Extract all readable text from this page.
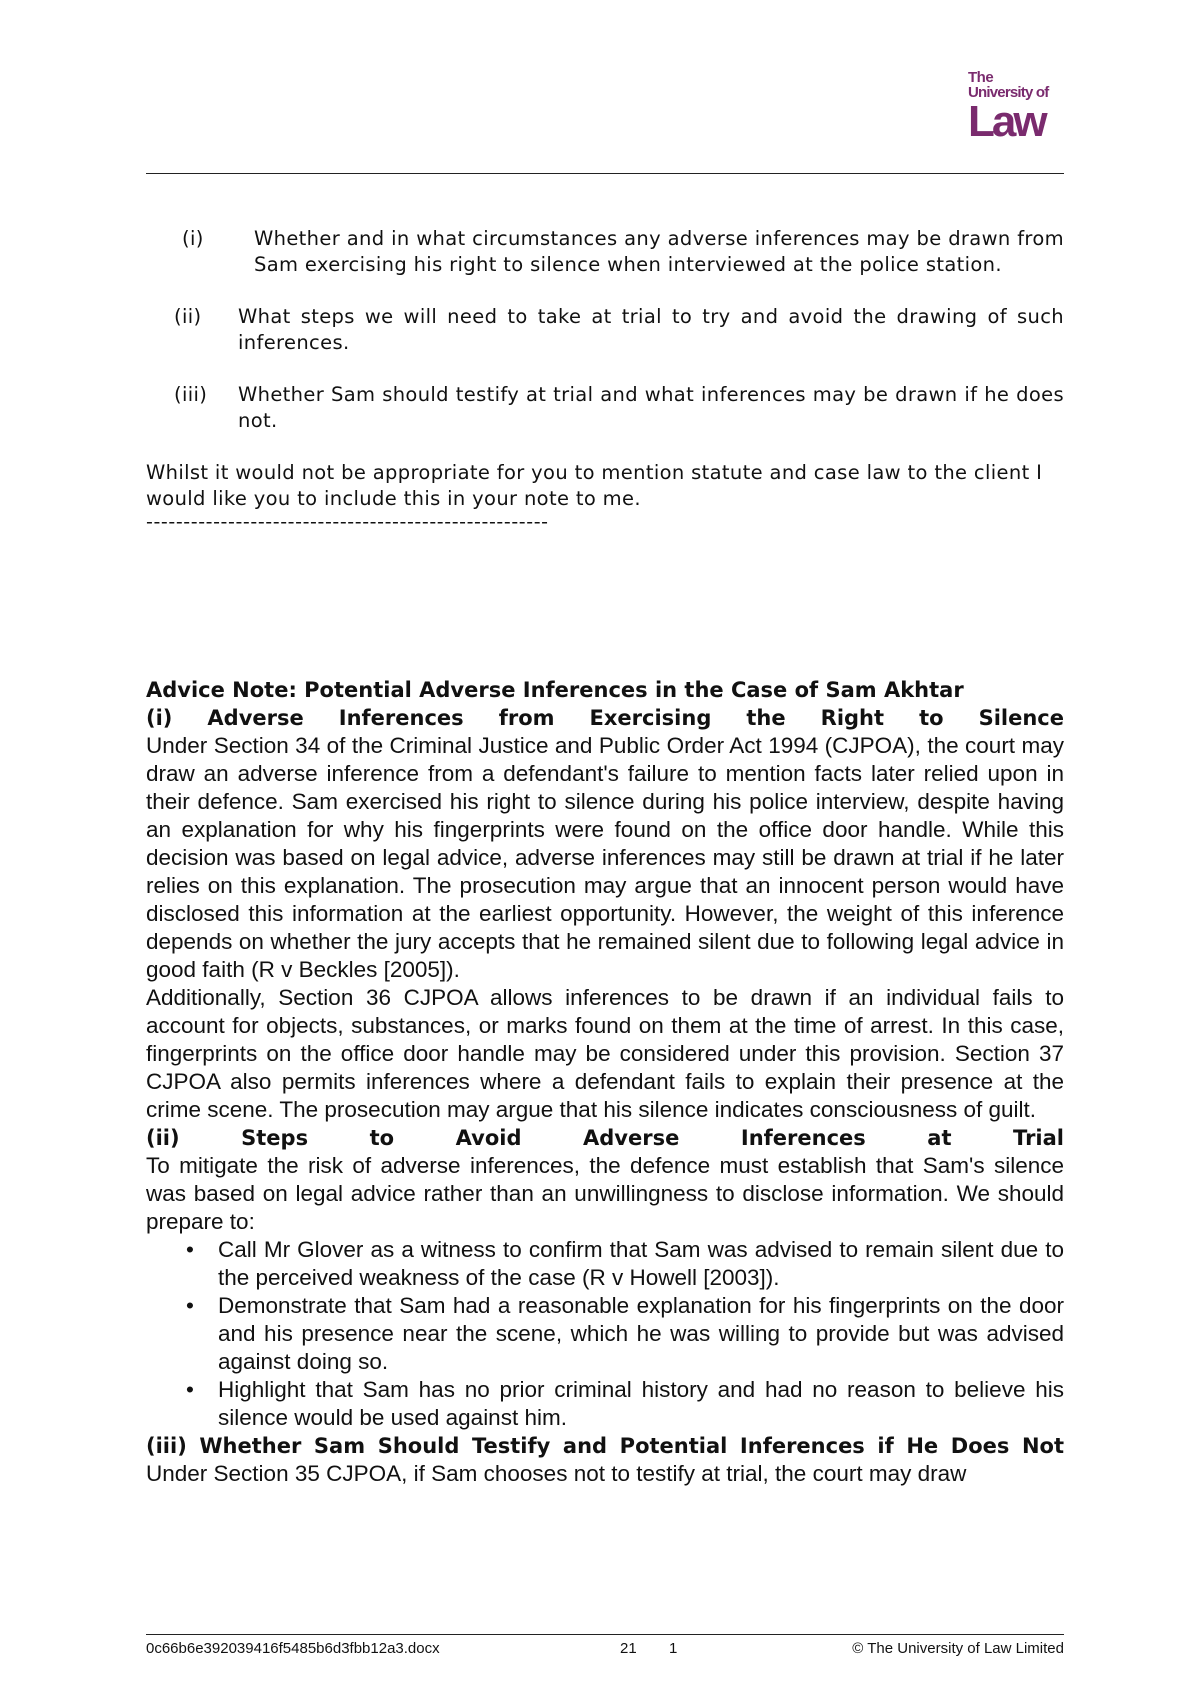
The
University of
Law
(i)	Whether and in what circumstances any adverse inferences may be drawn from Sam exercising his right to silence when interviewed at the police station.
(ii)	What steps we will need to take at trial to try and avoid the drawing of such inferences.
(iii)	Whether Sam should testify at trial and what inferences may be drawn if he does not.
Whilst it would not be appropriate for you to mention statute and case law to the client I would like you to include this in your note to me.
------------------------------------------------------

Advice Note: Potential Adverse Inferences in the Case of Sam Akhtar

(i) Adverse Inferences from Exercising the Right to Silence

Under Section 34 of the Criminal Justice and Public Order Act 1994 (CJPOA), the court may draw an adverse inference from a defendant's failure to mention facts later relied upon in their defence. Sam exercised his right to silence during his police interview, despite having an explanation for why his fingerprints were found on the office door handle. While this decision was based on legal advice, adverse inferences may still be drawn at trial if he later relies on this explanation. The prosecution may argue that an innocent person would have disclosed this information at the earliest opportunity. However, the weight of this inference depends on whether the jury accepts that he remained silent due to following legal advice in good faith (R v Beckles [2005]).

Additionally, Section 36 CJPOA allows inferences to be drawn if an individual fails to account for objects, substances, or marks found on them at the time of arrest. In this case, fingerprints on the office door handle may be considered under this provision. Section 37 CJPOA also permits inferences where a defendant fails to explain their presence at the crime scene. The prosecution may argue that his silence indicates consciousness of guilt.

(ii) Steps to Avoid Adverse Inferences at Trial

To mitigate the risk of adverse inferences, the defence must establish that Sam's silence was based on legal advice rather than an unwillingness to disclose information. We should prepare to:

• Call Mr Glover as a witness to confirm that Sam was advised to remain silent due to the perceived weakness of the case (R v Howell [2003]).
• Demonstrate that Sam had a reasonable explanation for his fingerprints on the door and his presence near the scene, which he was willing to provide but was advised against doing so.
• Highlight that Sam has no prior criminal history and had no reason to believe his silence would be used against him.

(iii) Whether Sam Should Testify and Potential Inferences if He Does Not

Under Section 35 CJPOA, if Sam chooses not to testify at trial, the court may draw

0c66b6e392039416f5485b6d3fbb12a3.docx	21 1	© The University of Law Limited
